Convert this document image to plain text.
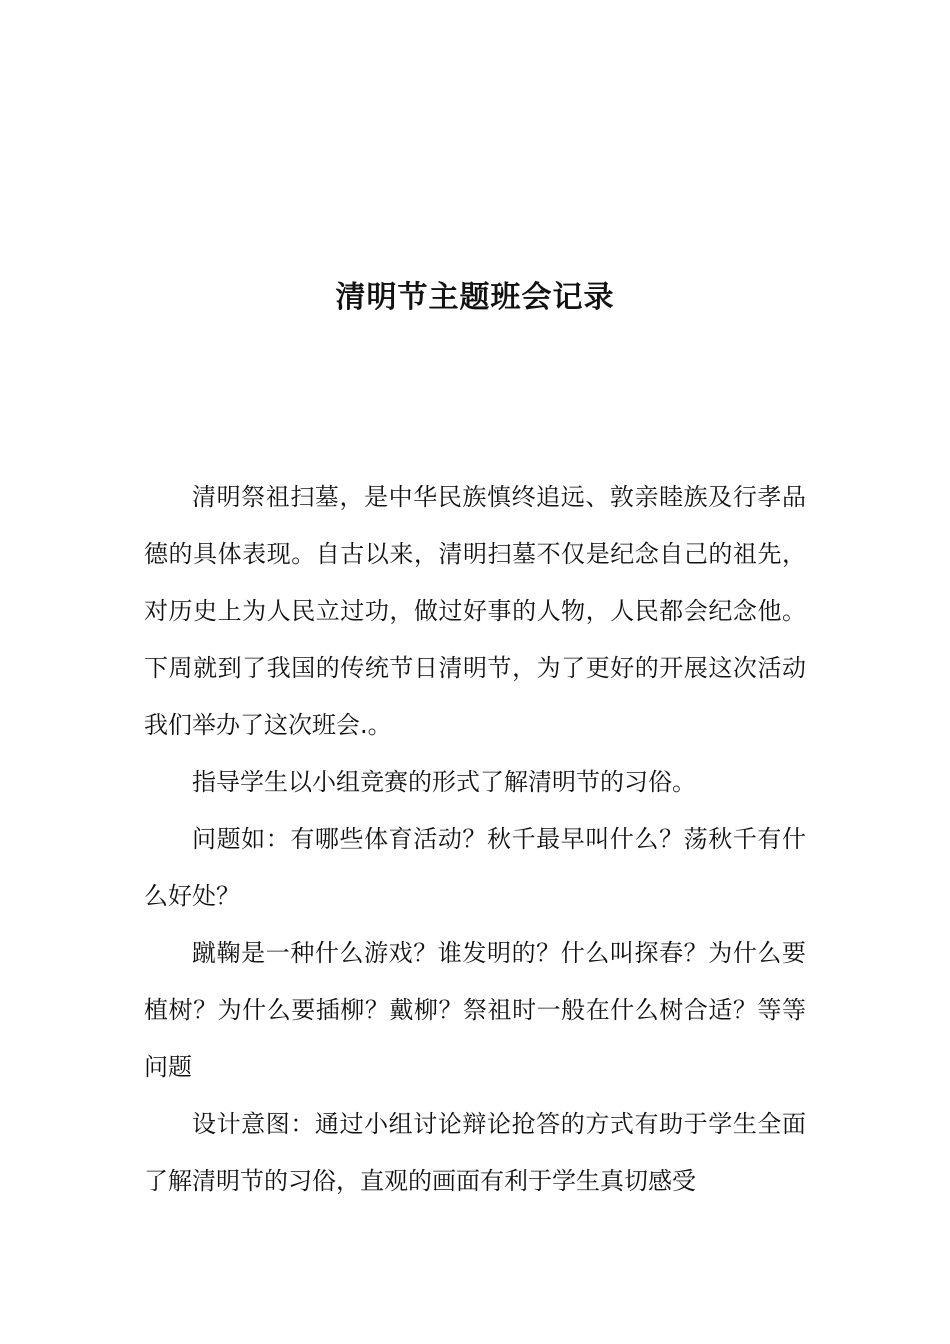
清明节主题班会记录

清明祭祖扫墓，是中华民族慎终追远、敦亲睦族及行孝品德的具体表现。自古以来，清明扫墓不仅是纪念自己的祖先，对历史上为人民立过功，做过好事的人物，人民都会纪念他。下周就到了我国的传统节日清明节，为了更好的开展这次活动我们举办了这次班会.。

指导学生以小组竞赛的形式了解清明节的习俗。

问题如：有哪些体育活动？秋千最早叫什么？荡秋千有什么好处？

蹴鞠是一种什么游戏？谁发明的？什么叫探春？为什么要植树？为什么要插柳？戴柳？祭祖时一般在什么树合适？等等问题

设计意图：通过小组讨论辩论抢答的方式有助于学生全面了解清明节的习俗，直观的画面有利于学生真切感受
